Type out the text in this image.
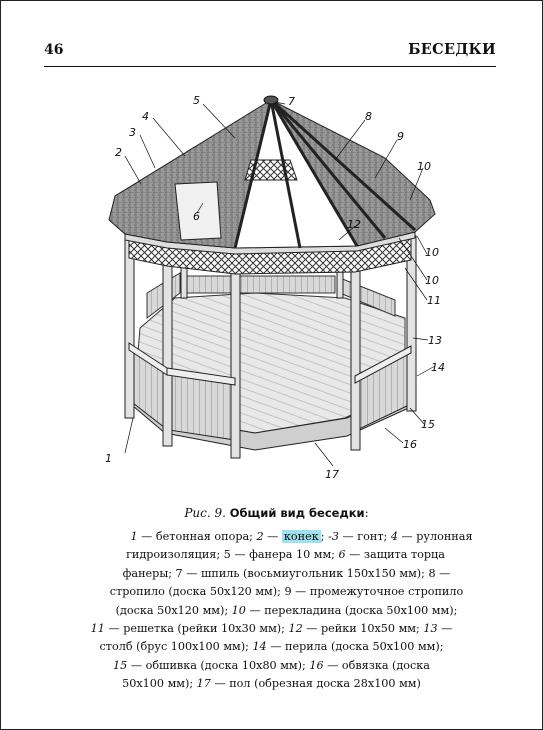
46	БЕСЕДКИ
1
2
3
4
5
6
7
8
9
10
10
10
11
12
13
14
15
16
17
Рис. 9. Общий вид беседки:
1 — бетонная опора; 2 — конек ; -3 — гонт; 4 — рулонная
гидроизоляция; 5 — фанера 10 мм; 6 — защита торца
фанеры; 7 — шпиль (восьмиугольник 150х150 мм); 8 —
стропило (доска 50х120 мм); 9 — промежуточное стропило
(доска 50х120 мм); 10 — перекладина (доска 50х100 мм);
11 — решетка (рейки 10х30 мм); 12 — рейки 10х50 мм; 13 —
столб (брус 100х100 мм); 14 — перила (доска 50х100 мм);
15 — обшивка (доска 10х80 мм); 16 — обвязка (доска
50х100 мм); 17 — пол (обрезная доска 28х100 мм)
